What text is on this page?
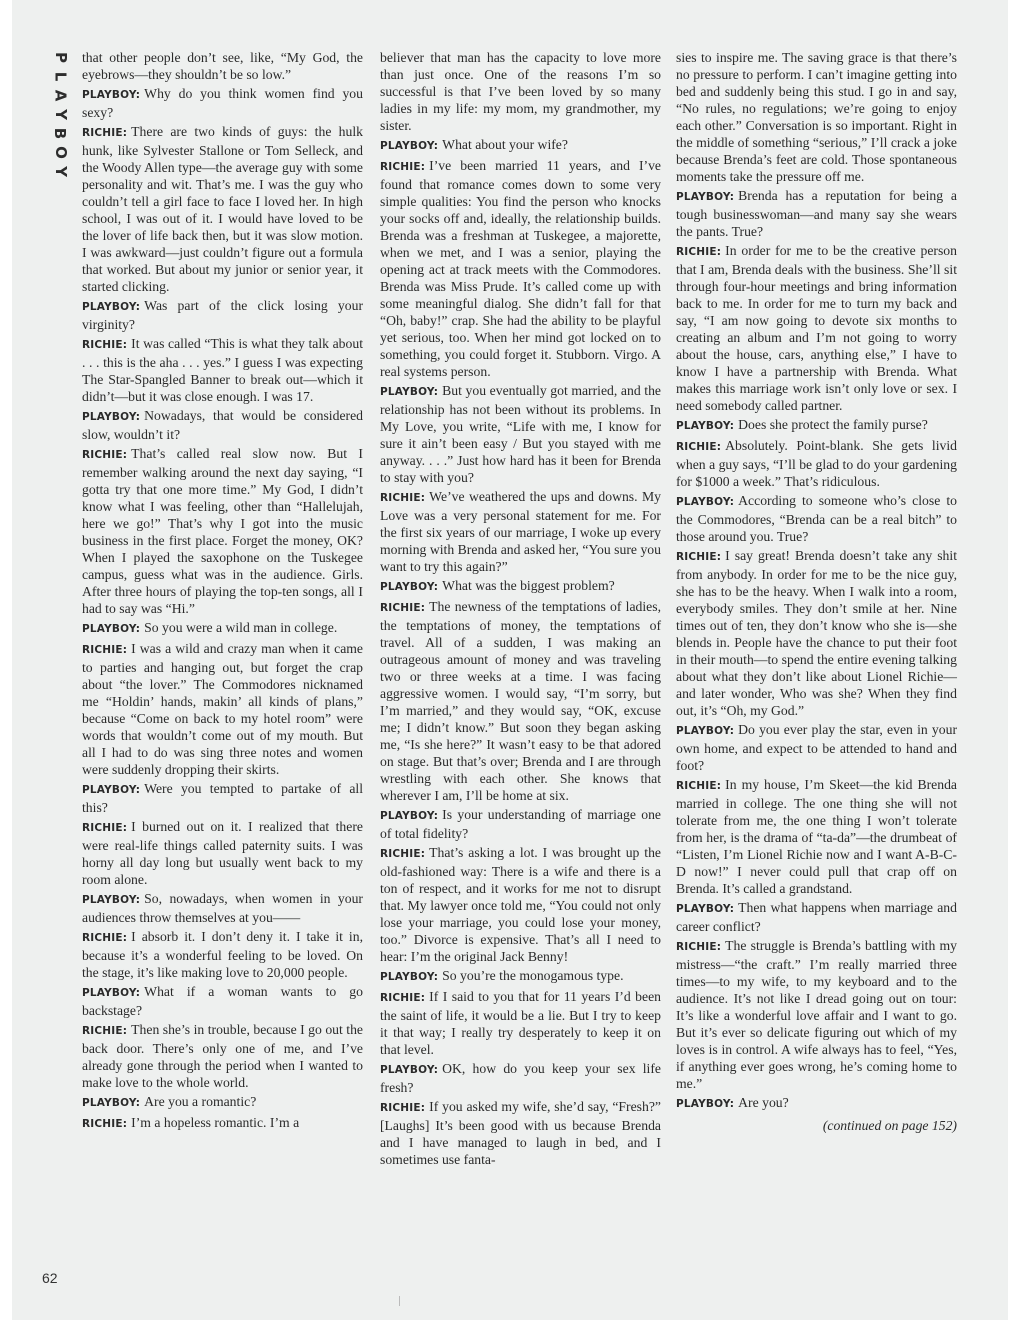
P
L
A
Y
B
O
Y

that other people don’t see, like, “My God, the eyebrows—they shouldn’t be so low.”

PLAYBOY: Why do you think women find you sexy?

RICHIE: There are two kinds of guys: the hulk hunk, like Sylvester Stallone or Tom Selleck, and the Woody Allen type—the average guy with some personality and wit. That’s me. I was the guy who couldn’t tell a girl face to face I loved her. In high school, I was out of it. I would have loved to be the lover of life back then, but it was slow motion. I was awkward—just couldn’t figure out a formula that worked. But about my junior or senior year, it started clicking.

PLAYBOY: Was part of the click losing your virginity?

RICHIE: It was called “This is what they talk about . . . this is the aha . . . yes.” I guess I was expecting The Star-Spangled Banner to break out—which it didn’t—but it was close enough. I was 17.

PLAYBOY: Nowadays, that would be considered slow, wouldn’t it?

RICHIE: That’s called real slow now. But I remember walking around the next day saying, “I gotta try that one more time.” My God, I didn’t know what I was feeling, other than “Hallelujah, here we go!” That’s why I got into the music business in the first place. Forget the money, OK? When I played the saxophone on the Tuskegee campus, guess what was in the audience. Girls. After three hours of playing the top-ten songs, all I had to say was “Hi.”

PLAYBOY: So you were a wild man in college.

RICHIE: I was a wild and crazy man when it came to parties and hanging out, but forget the crap about “the lover.” The Commodores nicknamed me “Holdin’ hands, makin’ all kinds of plans,” because “Come on back to my hotel room” were words that wouldn’t come out of my mouth. But all I had to do was sing three notes and women were suddenly dropping their skirts.

PLAYBOY: Were you tempted to partake of all this?

RICHIE: I burned out on it. I realized that there were real-life things called paternity suits. I was horny all day long but usually went back to my room alone.

PLAYBOY: So, nowadays, when women in your audiences throw themselves at you——

RICHIE: I absorb it. I don’t deny it. I take it in, because it’s a wonderful feeling to be loved. On the stage, it’s like making love to 20,000 people.

PLAYBOY: What if a woman wants to go backstage?

RICHIE: Then she’s in trouble, because I go out the back door. There’s only one of me, and I’ve already gone through the period when I wanted to make love to the whole world.

PLAYBOY: Are you a romantic?

RICHIE: I’m a hopeless romantic. I’m a

believer that man has the capacity to love more than just once. One of the reasons I’m so successful is that I’ve been loved by so many ladies in my life: my mom, my grandmother, my sister.

PLAYBOY: What about your wife?

RICHIE: I’ve been married 11 years, and I’ve found that romance comes down to some very simple qualities: You find the person who knocks your socks off and, ideally, the relationship builds. Brenda was a freshman at Tuskegee, a majorette, when we met, and I was a senior, playing the opening act at track meets with the Commodores. Brenda was Miss Prude. It’s called come up with some meaningful dialog. She didn’t fall for that “Oh, baby!” crap. She had the ability to be playful yet serious, too. When her mind got locked on to something, you could forget it. Stubborn. Virgo. A real systems person.

PLAYBOY: But you eventually got married, and the relationship has not been without its problems. In My Love, you write, “Life with me, I know for sure it ain’t been easy / But you stayed with me anyway. . . .” Just how hard has it been for Brenda to stay with you?

RICHIE: We’ve weathered the ups and downs. My Love was a very personal statement for me. For the first six years of our marriage, I woke up every morning with Brenda and asked her, “You sure you want to try this again?”

PLAYBOY: What was the biggest problem?

RICHIE: The newness of the temptations of ladies, the temptations of money, the temptations of travel. All of a sudden, I was making an outrageous amount of money and was traveling two or three weeks at a time. I was facing aggressive women. I would say, “I’m sorry, but I’m married,” and they would say, “OK, excuse me; I didn’t know.” But soon they began asking me, “Is she here?” It wasn’t easy to be that adored on stage. But that’s over; Brenda and I are through wrestling with each other. She knows that wherever I am, I’ll be home at six.

PLAYBOY: Is your understanding of marriage one of total fidelity?

RICHIE: That’s asking a lot. I was brought up the old-fashioned way: There is a wife and there is a ton of respect, and it works for me not to disrupt that. My lawyer once told me, “You could not only lose your marriage, you could lose your money, too.” Divorce is expensive. That’s all I need to hear: I’m the original Jack Benny!

PLAYBOY: So you’re the monogamous type.

RICHIE: If I said to you that for 11 years I’d been the saint of life, it would be a lie. But I try to keep it that way; I really try desperately to keep it on that level.

PLAYBOY: OK, how do you keep your sex life fresh?

RICHIE: If you asked my wife, she’d say, “Fresh?” [Laughs] It’s been good with us because Brenda and I have managed to laugh in bed, and I sometimes use fanta-

sies to inspire me. The saving grace is that there’s no pressure to perform. I can’t imagine getting into bed and suddenly being this stud. I go in and say, “No rules, no regulations; we’re going to enjoy each other.” Conversation is so important. Right in the middle of something “serious,” I’ll crack a joke because Brenda’s feet are cold. Those spontaneous moments take the pressure off me.

PLAYBOY: Brenda has a reputation for being a tough businesswoman—and many say she wears the pants. True?

RICHIE: In order for me to be the creative person that I am, Brenda deals with the business. She’ll sit through four-hour meetings and bring information back to me. In order for me to turn my back and say, “I am now going to devote six months to creating an album and I’m not going to worry about the house, cars, anything else,” I have to know I have a partnership with Brenda. What makes this marriage work isn’t only love or sex. I need somebody called partner.

PLAYBOY: Does she protect the family purse?

RICHIE: Absolutely. Point-blank. She gets livid when a guy says, “I’ll be glad to do your gardening for $1000 a week.” That’s ridiculous.

PLAYBOY: According to someone who’s close to the Commodores, “Brenda can be a real bitch” to those around you. True?

RICHIE: I say great! Brenda doesn’t take any shit from anybody. In order for me to be the nice guy, she has to be the heavy. When I walk into a room, everybody smiles. They don’t smile at her. Nine times out of ten, they don’t know who she is—she blends in. People have the chance to put their foot in their mouth—to spend the entire evening talking about what they don’t like about Lionel Richie—and later wonder, Who was she? When they find out, it’s “Oh, my God.”

PLAYBOY: Do you ever play the star, even in your own home, and expect to be attended to hand and foot?

RICHIE: In my house, I’m Skeet—the kid Brenda married in college. The one thing she will not tolerate from me, the one thing I won’t tolerate from her, is the drama of “ta-da”—the drumbeat of “Listen, I’m Lionel Richie now and I want A-B-C-D now!” I never could pull that crap off on Brenda. It’s called a grandstand.

PLAYBOY: Then what happens when marriage and career conflict?

RICHIE: The struggle is Brenda’s battling with my mistress—“the craft.” I’m really married three times—to my wife, to my keyboard and to the audience. It’s not like I dread going out on tour: It’s like a wonderful love affair and I want to go. But it’s ever so delicate figuring out which of my loves is in control. A wife always has to feel, “Yes, if anything ever goes wrong, he’s coming home to me.”

PLAYBOY: Are you?

(continued on page 152)

62
